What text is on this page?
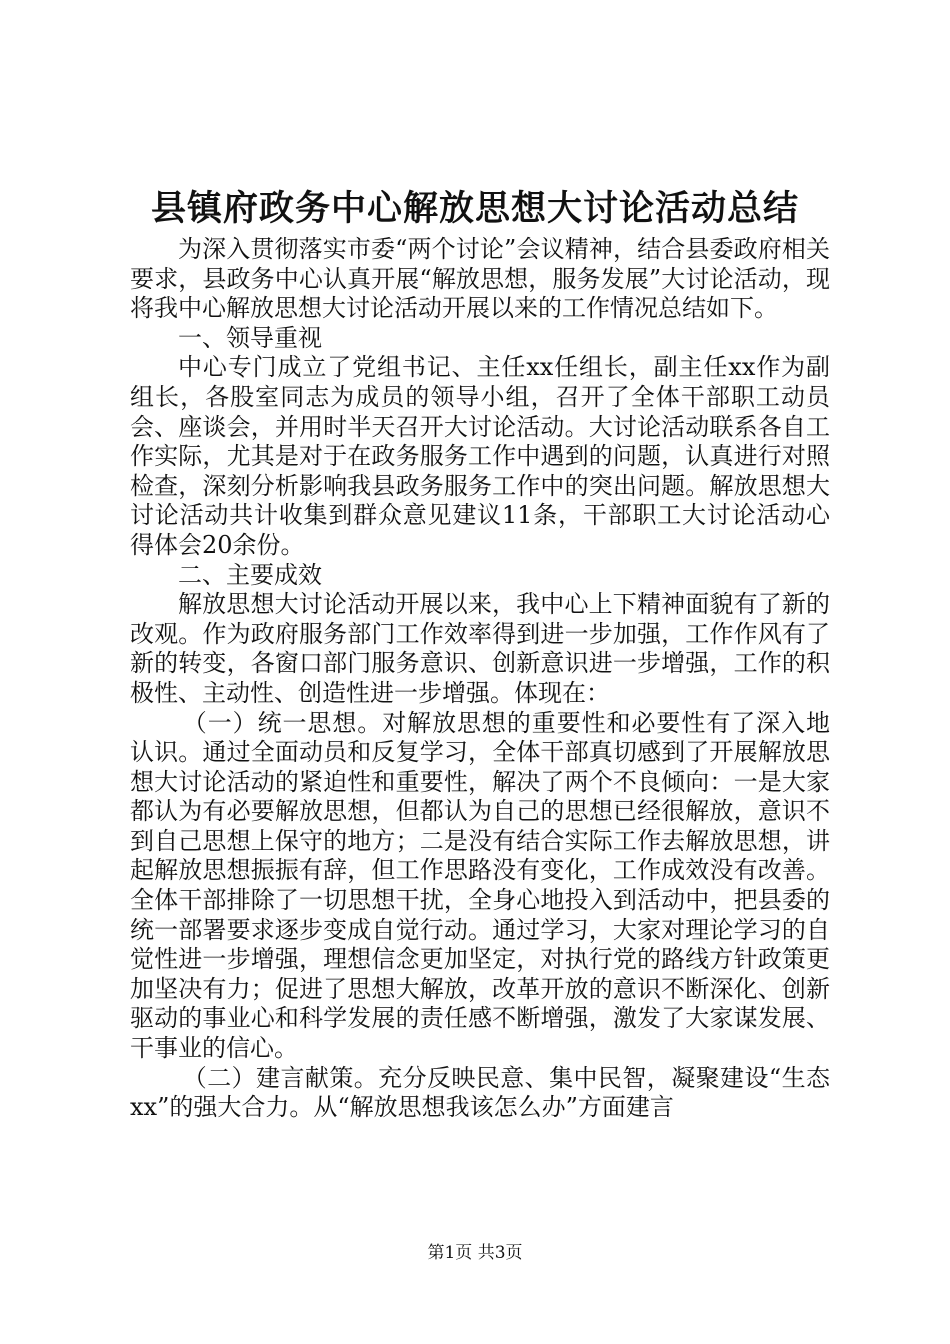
县镇府政务中心解放思想大讨论活动总结

为深入贯彻落实市委“两个讨论”会议精神，结合县委政府相关要求，县政务中心认真开展“解放思想，服务发展”大讨论活动，现将我中心解放思想大讨论活动开展以来的工作情况总结如下。

一、领导重视

中心专门成立了党组书记、主任xx任组长，副主任xx作为副组长，各股室同志为成员的领导小组，召开了全体干部职工动员会、座谈会，并用时半天召开大讨论活动。大讨论活动联系各自工作实际，尤其是对于在政务服务工作中遇到的问题，认真进行对照检查，深刻分析影响我县政务服务工作中的突出问题。解放思想大讨论活动共计收集到群众意见建议11条，干部职工大讨论活动心得体会20余份。

二、主要成效

解放思想大讨论活动开展以来，我中心上下精神面貌有了新的改观。作为政府服务部门工作效率得到进一步加强，工作作风有了新的转变，各窗口部门服务意识、创新意识进一步增强，工作的积极性、主动性、创造性进一步增强。体现在：

（一）统一思想。对解放思想的重要性和必要性有了深入地认识。通过全面动员和反复学习，全体干部真切感到了开展解放思想大讨论活动的紧迫性和重要性，解决了两个不良倾向：一是大家都认为有必要解放思想，但都认为自己的思想已经很解放，意识不到自己思想上保守的地方；二是没有结合实际工作去解放思想，讲起解放思想振振有辞，但工作思路没有变化，工作成效没有改善。全体干部排除了一切思想干扰，全身心地投入到活动中，把县委的统一部署要求逐步变成自觉行动。通过学习，大家对理论学习的自觉性进一步增强，理想信念更加坚定，对执行党的路线方针政策更加坚决有力；促进了思想大解放，改革开放的意识不断深化、创新驱动的事业心和科学发展的责任感不断增强，激发了大家谋发展、干事业的信心。

（二）建言献策。充分反映民意、集中民智，凝聚建设“生态xx”的强大合力。从“解放思想我该怎么办”方面建言

第1页 共3页
